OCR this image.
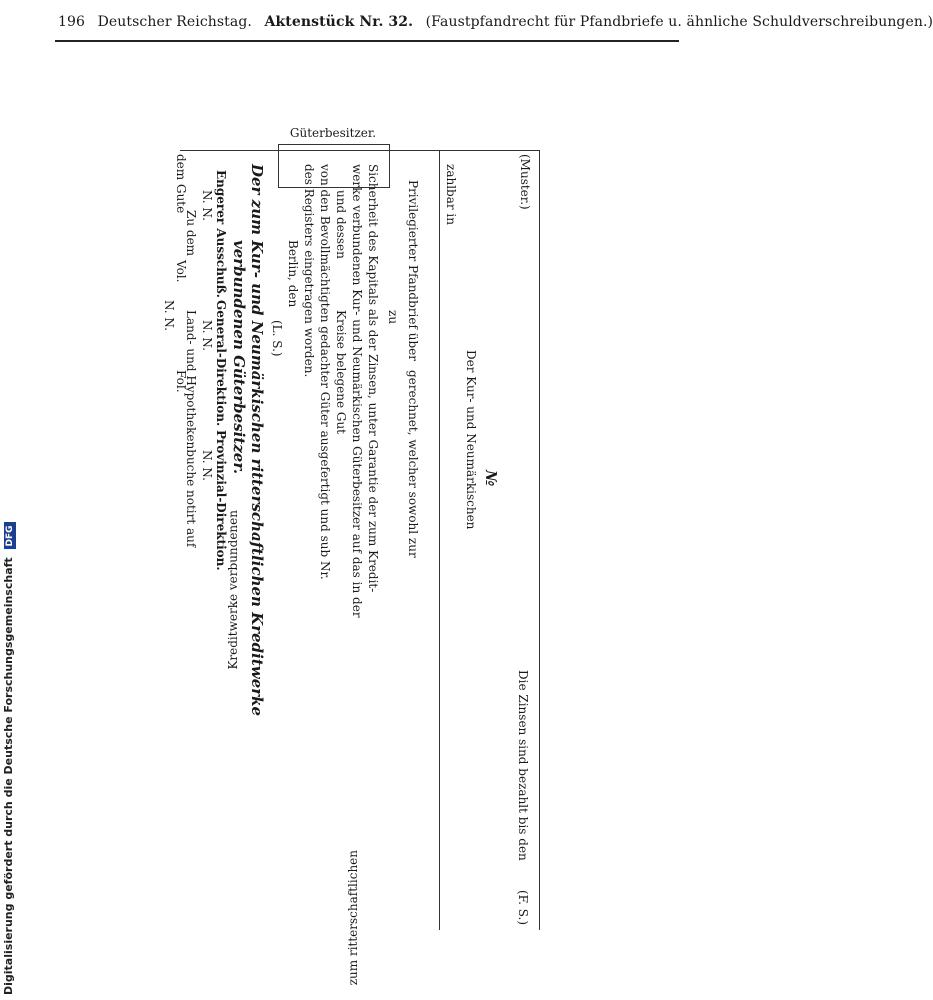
196 Deutscher Reichstag. Aktenstück Nr. 32. (Faustpfandrecht für Pfandbriefe u. ähnliche Schuldverschreibungen.)
(Muster.)
zahlbar in
Der Kur- und Neumärkischen №
Güterbesitzer.
Privilegierter Pfandbrief über
zu
gerechnet, welcher sowohl zur
Sicherheit des Kapitals als der Zinsen, unter Garantie der zum Kredit-
werke verbundenen Kur- und Neumärkischen Güterbesitzer auf das in der
und dessen
Kreise belegene Gut
von den Bevollmächtigten gedachter Güter ausgefertigt und sub Nr.
des Registers eingetragen worden.
Berlin, den
(L. S.)
Der zum Kur- und Neumärkischen ritterschaftlichen Kreditwerke
verbundenen Güterbesitzer.
Engerer Ausschuß.
N. N.
General-Direktion.
N. N.
Provinzial-Direktion.
N. N.
Zu dem
Land- und Hypothekenbuche notirt auf
dem Gute
Vol.
Fol.
N. N.
Die Zinsen sind bezahlt bis den
(F. S.)
Kreditwerke verbundenen
zum ritterschaftlichen
Digitalisierung gefördert durch die Deutsche Forschungsgemeinschaft DFG
